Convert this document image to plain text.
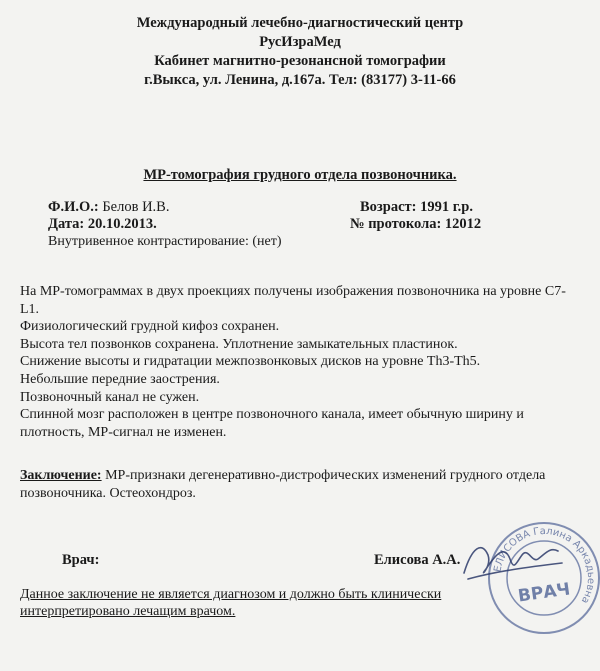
Международный лечебно-диагностический центр
РусИзраМед
Кабинет магнитно-резонансной томографии
г.Выкса, ул. Ленина, д.167а. Тел: (83177) 3-11-66
МР-томография грудного отдела позвоночника.
Ф.И.О.: Белов И.В.
Дата: 20.10.2013.
Внутривенное контрастирование: (нет)
Возраст: 1991 г.р.
№ протокола: 12012

На МР-томограммах в двух проекциях получены изображения позвоночника на уровне C7-L1.

Физиологический грудной кифоз сохранен.

Высота тел позвонков сохранена. Уплотнение замыкательных пластинок.

Снижение высоты и гидратации межпозвонковых дисков на уровне Th3-Th5.

Небольшие передние заострения.

Позвоночный канал не сужен.

Спинной мозг расположен в центре позвоночного канала, имеет обычную ширину и плотность, МР-сигнал не изменен.

Заключение: МР-признаки дегенеративно-дистрофических изменений грудного отдела позвоночника. Остеохондроз.
Врач:	Елисова А.А.
Данное заключение не является диагнозом и должно быть клинически интерпретировано лечащим врачом.
ЕЛИСОВА Галина Аркадьевна
ВРАЧ
